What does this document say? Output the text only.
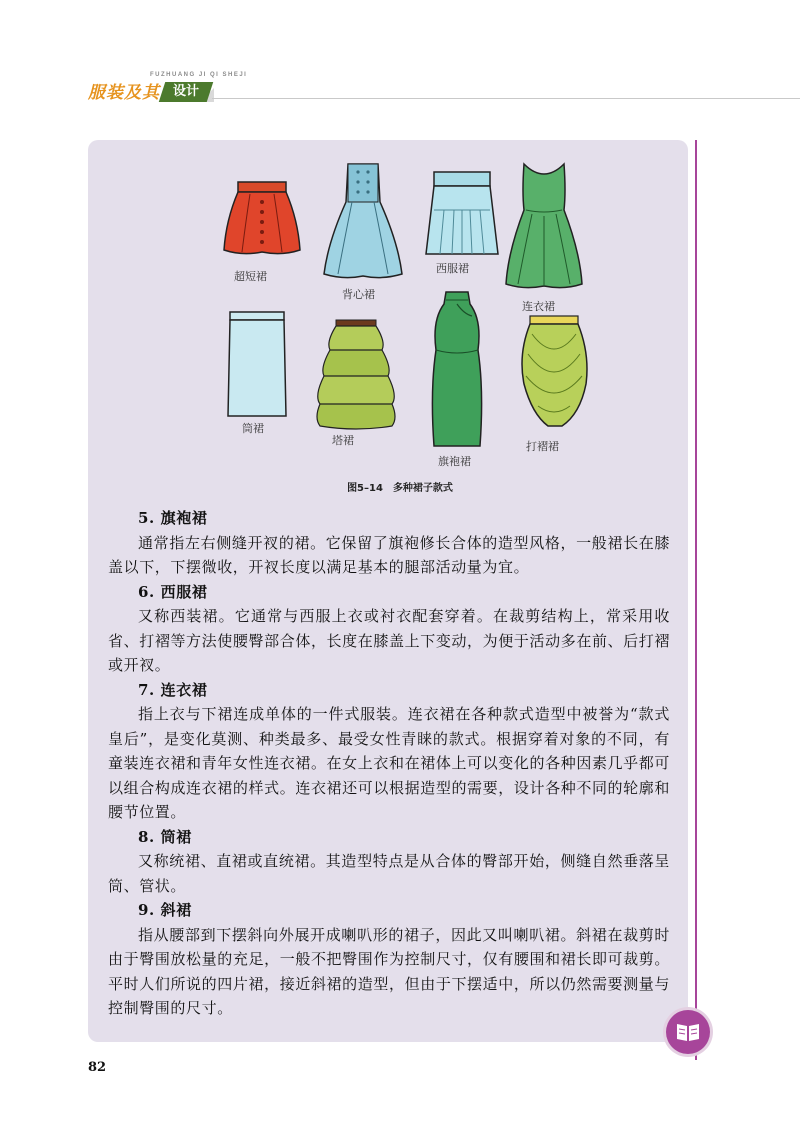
FUZHUANG JI QI SHEJI
服装及其 设计
超短裙
背心裙
西服裙
连衣裙
筒裙
塔裙
旗袍裙
打褶裙
图5–14 多种裙子款式
5. 旗袍裙

通常指左右侧缝开衩的裙。它保留了旗袍修长合体的造型风格，一般裙长在膝盖以下，下摆微收，开衩长度以满足基本的腿部活动量为宜。

6. 西服裙

又称西装裙。它通常与西服上衣或衬衣配套穿着。在裁剪结构上，常采用收省、打褶等方法使腰臀部合体，长度在膝盖上下变动，为便于活动多在前、后打褶或开衩。

7. 连衣裙

指上衣与下裙连成单体的一件式服装。连衣裙在各种款式造型中被誉为“款式皇后”，是变化莫测、种类最多、最受女性青睐的款式。根据穿着对象的不同，有童装连衣裙和青年女性连衣裙。在女上衣和在裙体上可以变化的各种因素几乎都可以组合构成连衣裙的样式。连衣裙还可以根据造型的需要，设计各种不同的轮廓和腰节位置。

8. 筒裙

又称统裙、直裙或直统裙。其造型特点是从合体的臀部开始，侧缝自然垂落呈筒、管状。

9. 斜裙

指从腰部到下摆斜向外展开成喇叭形的裙子，因此又叫喇叭裙。斜裙在裁剪时由于臀围放松量的充足，一般不把臀围作为控制尺寸，仅有腰围和裙长即可裁剪。平时人们所说的四片裙，接近斜裙的造型，但由于下摆适中，所以仍然需要测量与控制臀围的尺寸。

82
